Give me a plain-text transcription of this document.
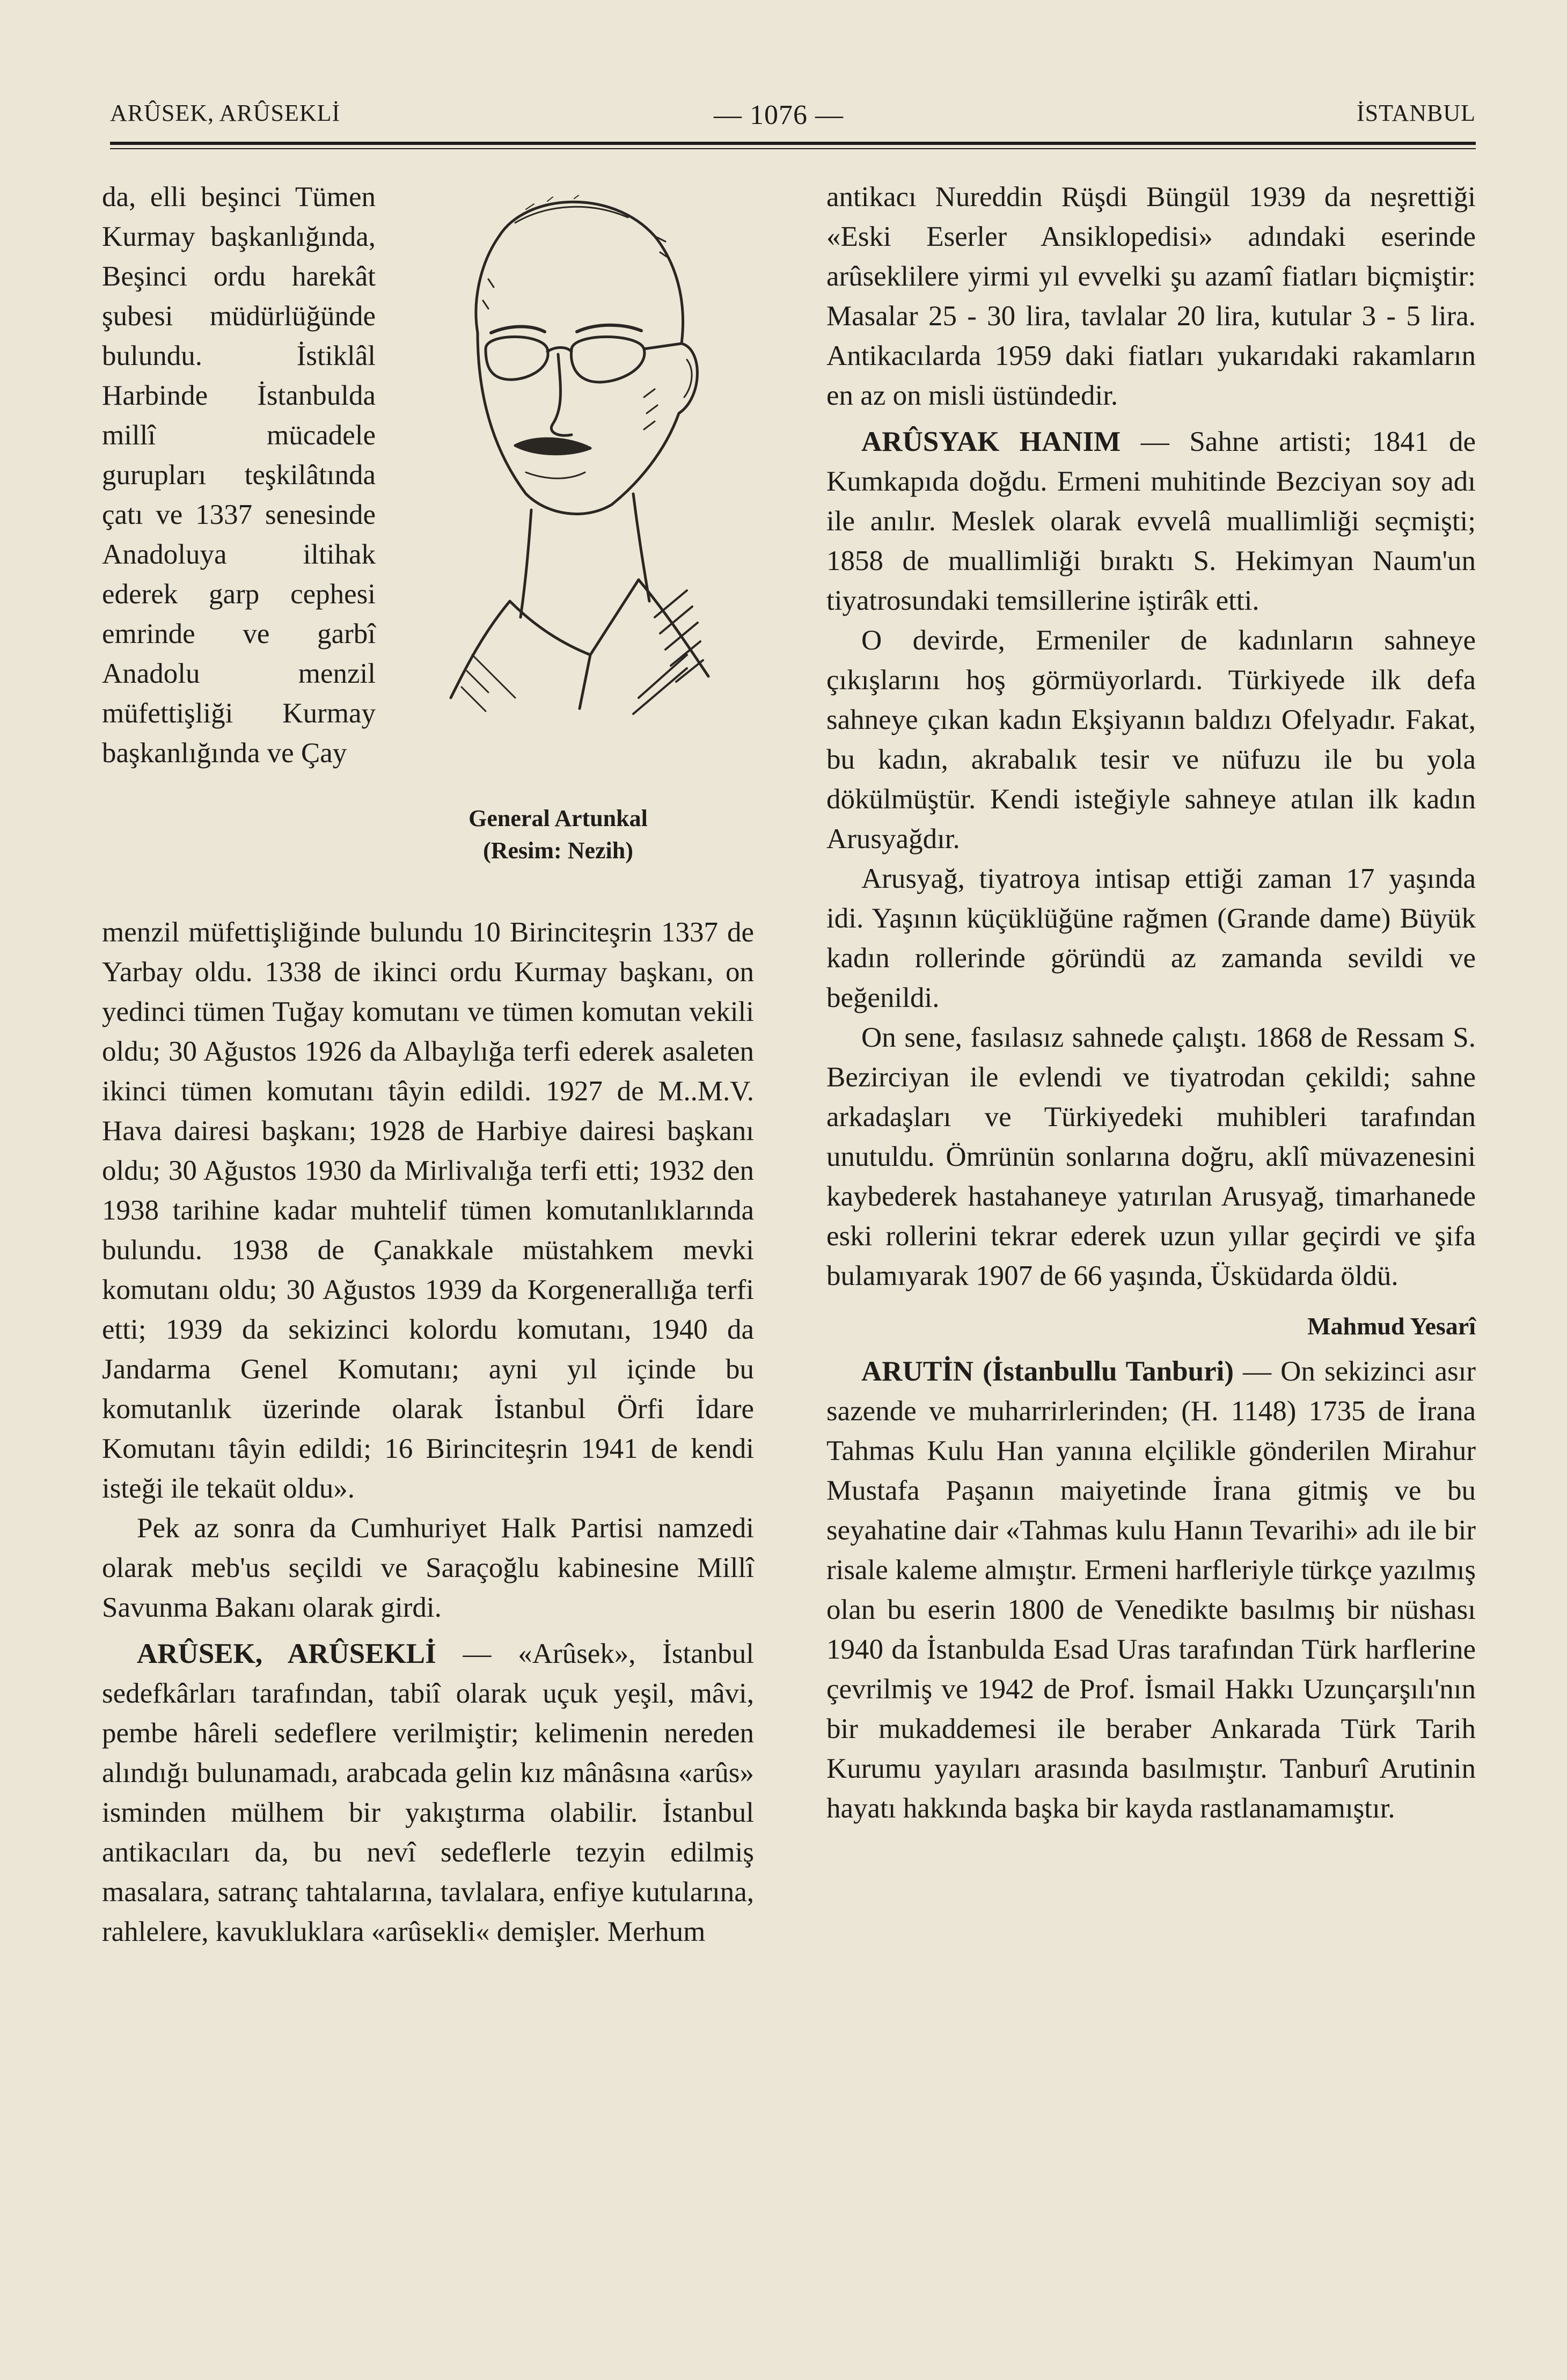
ARÛSEK, ARÛSEKLİ	— 1076 —	İSTANBUL

da, elli beşinci Tümen Kurmay başkanlığında, Beşinci ordu harekât şubesi müdürlüğünde bulundu. İstiklâl Harbinde İstanbulda millî mücadele gurupları teşkilâtında çatı ve 1337 senesinde Anadoluya iltihak ederek garp cephesi emrinde ve garbî Anadolu menzil müfettişliği Kurmay başkanlığında ve Çay

General Artunkal
(Resim: Nezih)

menzil müfettişliğinde bulundu 10 Birinciteşrin 1337 de Yarbay oldu. 1338 de ikinci ordu Kurmay başkanı, on yedinci tümen Tuğay komutanı ve tümen komutan vekili oldu; 30 Ağustos 1926 da Albaylığa terfi ederek asaleten ikinci tümen komutanı tâyin edildi. 1927 de M..M.V. Hava dairesi başkanı; 1928 de Harbiye dairesi başkanı oldu; 30 Ağustos 1930 da Mirlivalığa terfi etti; 1932 den 1938 tarihine kadar muhtelif tümen komutanlıklarında bulundu. 1938 de Çanakkale müstahkem mevki komutanı oldu; 30 Ağustos 1939 da Korgenerallığa terfi etti; 1939 da sekizinci kolordu komutanı, 1940 da Jandarma Genel Komutanı; ayni yıl içinde bu komutanlık üzerinde olarak İstanbul Örfi İdare Komutanı tâyin edildi; 16 Birinciteşrin 1941 de kendi isteği ile tekaüt oldu».

Pek az sonra da Cumhuriyet Halk Partisi namzedi olarak meb'us seçildi ve Saraçoğlu kabinesine Millî Savunma Bakanı olarak girdi.

ARÛSEK, ARÛSEKLİ — «Arûsek», İstanbul sedefkârları tarafından, tabiî olarak uçuk yeşil, mâvi, pembe hâreli sedeflere verilmiştir; kelimenin nereden alındığı bulunamadı, arabcada gelin kız mânâsına «arûs» isminden mülhem bir yakıştırma olabilir. İstanbul antikacıları da, bu nevî sedeflerle tezyin edilmiş masalara, satranç tahtalarına, tavlalara, enfiye kutularına, rahlelere, kavukluklara «arûsekli« demişler. Merhum

antikacı Nureddin Rüşdi Büngül 1939 da neşrettiği «Eski Eserler Ansiklopedisi» adındaki eserinde arûseklilere yirmi yıl evvelki şu azamî fiatları biçmiştir: Masalar 25 - 30 lira, tavlalar 20 lira, kutular 3 - 5 lira. Antikacılarda 1959 daki fiatları yukarıdaki rakamların en az on misli üstündedir.

ARÛSYAK HANIM — Sahne artisti; 1841 de Kumkapıda doğdu. Ermeni muhitinde Bezciyan soy adı ile anılır. Meslek olarak evvelâ muallimliği seçmişti; 1858 de muallimliği bıraktı S. Hekimyan Naum'un tiyatrosundaki temsillerine iştirâk etti.

O devirde, Ermeniler de kadınların sahneye çıkışlarını hoş görmüyorlardı. Türkiyede ilk defa sahneye çıkan kadın Ekşiyanın baldızı Ofelyadır. Fakat, bu kadın, akrabalık tesir ve nüfuzu ile bu yola dökülmüştür. Kendi isteğiyle sahneye atılan ilk kadın Arusyağdır.

Arusyağ, tiyatroya intisap ettiği zaman 17 yaşında idi. Yaşının küçüklüğüne rağmen (Grande dame) Büyük kadın rollerinde göründü az zamanda sevildi ve beğenildi.

On sene, fasılasız sahnede çalıştı. 1868 de Ressam S. Bezirciyan ile evlendi ve tiyatrodan çekildi; sahne arkadaşları ve Türkiyedeki muhibleri tarafından unutuldu. Ömrünün sonlarına doğru, aklî müvazenesini kaybederek hastahaneye yatırılan Arusyağ, timarhanede eski rollerini tekrar ederek uzun yıllar geçirdi ve şifa bulamıyarak 1907 de 66 yaşında, Üsküdarda öldü.

Mahmud Yesarî

ARUTİN (İstanbullu Tanburi) — On sekizinci asır sazende ve muharrirlerinden; (H. 1148) 1735 de İrana Tahmas Kulu Han yanına elçilikle gönderilen Mirahur Mustafa Paşanın maiyetinde İrana gitmiş ve bu seyahatine dair «Tahmas kulu Hanın Tevarihi» adı ile bir risale kaleme almıştır. Ermeni harfleriyle türkçe yazılmış olan bu eserin 1800 de Venedikte basılmış bir nüshası 1940 da İstanbulda Esad Uras tarafından Türk harflerine çevrilmiş ve 1942 de Prof. İsmail Hakkı Uzunçarşılı'nın bir mukaddemesi ile beraber Ankarada Türk Tarih Kurumu yayıları arasında basılmıştır. Tanburî Arutinin hayatı hakkında başka bir kayda rastlanamamıştır.
